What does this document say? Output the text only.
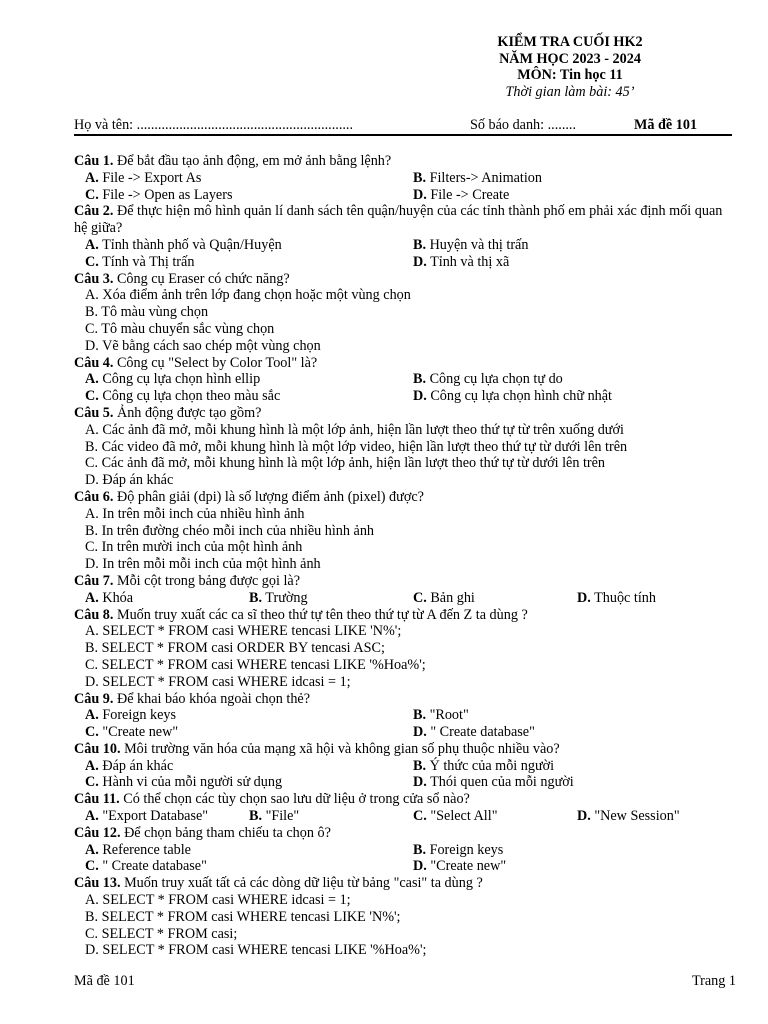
KIỂM TRA CUỐI HK2
NĂM HỌC 2023 - 2024
MÔN: Tin học 11
Thời gian làm bài: 45’
Họ và tên: .............................................................	Số báo danh: ........	Mã đề 101
Câu 1. Để bắt đầu tạo ảnh động, em mở ảnh bằng lệnh?
A. File -> Export As	B. Filters-> Animation
C. File -> Open as Layers	D. File -> Create
Câu 2. Để thực hiện mô hình quản lí danh sách tên quận/huyện của các tỉnh thành phố em phải xác định mối quan hệ giữa?
A. Tỉnh thành phố và Quận/Huyện	B. Huyện và thị trấn
C. Tính và Thị trấn	D. Tỉnh và thị xã
Câu 3. Công cụ Eraser có chức năng?
A. Xóa điểm ảnh trên lớp đang chọn hoặc một vùng chọn
B. Tô màu vùng chọn
C. Tô màu chuyển sắc vùng chọn
D. Vẽ bằng cách sao chép một vùng chọn
Câu 4. Công cụ "Select by Color Tool" là?
A. Công cụ lựa chọn hình ellip	B. Công cụ lựa chọn tự do
C. Công cụ lựa chọn theo màu sắc	D. Công cụ lựa chọn hình chữ nhật
Câu 5. Ảnh động được tạo gồm?
A. Các ảnh đã mở, mỗi khung hình là một lớp ảnh, hiện lần lượt theo thứ tự từ trên xuống dưới
B. Các video đã mở, mỗi khung hình là một lớp video, hiện lần lượt theo thứ tự từ dưới lên trên
C. Các ảnh đã mở, mỗi khung hình là một lớp ảnh, hiện lần lượt theo thứ tự từ dưới lên trên
D. Đáp án khác
Câu 6. Độ phân giải (dpi) là số lượng điểm ảnh (pixel) được?
A. In trên mỗi inch của nhiều hình ảnh
B. In trên đường chéo mỗi inch của nhiều hình ảnh
C. In trên mười inch của một hình ảnh
D. In trên mỗi mỗi inch của một hình ảnh
Câu 7. Mỗi cột trong bảng được gọi là?
A. Khóa	B. Trường	C. Bản ghi	D. Thuộc tính
Câu 8. Muốn truy xuất các ca sĩ theo thứ tự tên theo thứ tự từ A đến Z ta dùng ?
A. SELECT * FROM casi WHERE tencasi LIKE 'N%';
B. SELECT * FROM casi ORDER BY tencasi ASC;
C. SELECT * FROM casi WHERE tencasi LIKE '%Hoa%';
D. SELECT * FROM casi WHERE idcasi = 1;
Câu 9. Để khai báo khóa ngoài chọn thẻ?
A. Foreign keys	B. "Root"
C. "Create new"	D. " Create database"
Câu 10. Môi trường văn hóa của mạng xã hội và không gian số phụ thuộc nhiều vào?
A. Đáp án khác	B. Ý thức của mỗi người
C. Hành vi của mỗi người sử dụng	D. Thói quen của mỗi người
Câu 11. Có thể chọn các tùy chọn sao lưu dữ liệu ở trong cửa sổ nào?
A. "Export Database"	B. "File"	C. "Select All"	D. "New Session"
Câu 12. Để chọn bảng tham chiếu ta chọn ô?
A. Reference table	B. Foreign keys
C. " Create database"	D. "Create new"
Câu 13. Muốn truy xuất tất cả các dòng dữ liệu từ bảng "casi" ta dùng ?
A. SELECT * FROM casi WHERE idcasi = 1;
B. SELECT * FROM casi WHERE tencasi LIKE 'N%';
C. SELECT * FROM casi;
D. SELECT * FROM casi WHERE tencasi LIKE '%Hoa%';
Mã đề 101	Trang 1
